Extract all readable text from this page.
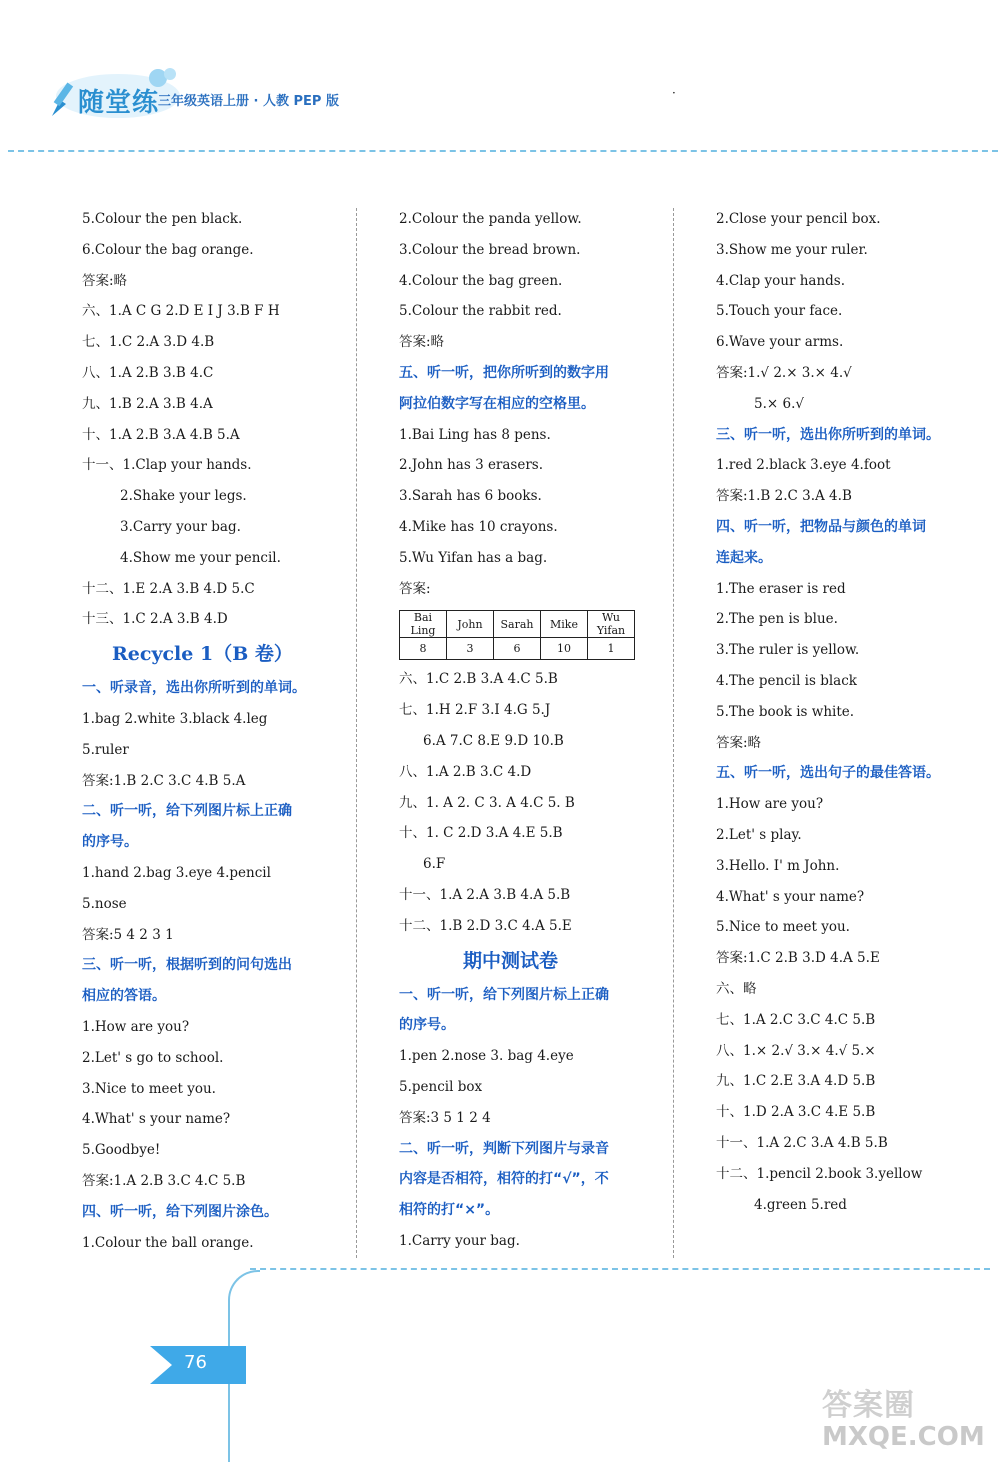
随堂练
三年级英语上册 · 人教 PEP 版
·
5.Colour the pen black.
6.Colour the bag orange.
答案:略
六、1.A C G 2.D E I J 3.B F H
七、1.C 2.A 3.D 4.B
八、1.A 2.B 3.B 4.C
九、1.B 2.A 3.B 4.A
十、1.A 2.B 3.A 4.B 5.A
十一、1.Clap your hands.
2.Shake your legs.
3.Carry your bag.
4.Show me your pencil.
十二、1.E 2.A 3.B 4.D 5.C
十三、1.C 2.A 3.B 4.D
Recycle 1（B 卷）
一、听录音，选出你所听到的单词。
1.bag 2.white 3.black 4.leg
5.ruler
答案:1.B 2.C 3.C 4.B 5.A
二、听一听，给下列图片标上正确
的序号。
1.hand 2.bag 3.eye 4.pencil
5.nose
答案:5 4 2 3 1
三、听一听，根据听到的问句选出
相应的答语。
1.How are you?
2.Let' s go to school.
3.Nice to meet you.
4.What' s your name?
5.Goodbye!
答案:1.A 2.B 3.C 4.C 5.B
四、听一听，给下列图片涂色。
1.Colour the ball orange.
2.Colour the panda yellow.
3.Colour the bread brown.
4.Colour the bag green.
5.Colour the rabbit red.
答案:略
五、听一听，把你所听到的数字用
阿拉伯数字写在相应的空格里。
1.Bai Ling has 8 pens.
2.John has 3 erasers.
3.Sarah has 6 books.
4.Mike has 10 crayons.
5.Wu Yifan has a bag.
答案:
Bai Ling	John	Sarah	Mike	Wu Yifan
8	3	6	10	1
六、1.C 2.B 3.A 4.C 5.B
七、1.H 2.F 3.I 4.G 5.J
6.A 7.C 8.E 9.D 10.B
八、1.A 2.B 3.C 4.D
九、1. A 2. C 3. A 4.C 5. B
十、1. C 2.D 3.A 4.E 5.B
6.F
十一、1.A 2.A 3.B 4.A 5.B
十二、1.B 2.D 3.C 4.A 5.E
期中测试卷
一、听一听，给下列图片标上正确
的序号。
1.pen 2.nose 3. bag 4.eye
5.pencil box
答案:3 5 1 2 4
二、听一听，判断下列图片与录音
内容是否相符，相符的打“√”，不
相符的打“×”。
1.Carry your bag.
2.Close your pencil box.
3.Show me your ruler.
4.Clap your hands.
5.Touch your face.
6.Wave your arms.
答案:1.√ 2.× 3.× 4.√
5.× 6.√
三、听一听，选出你所听到的单词。
1.red 2.black 3.eye 4.foot
答案:1.B 2.C 3.A 4.B
四、听一听，把物品与颜色的单词
连起来。
1.The eraser is red
2.The pen is blue.
3.The ruler is yellow.
4.The pencil is black
5.The book is white.
答案:略
五、听一听，选出句子的最佳答语。
1.How are you?
2.Let' s play.
3.Hello. I' m John.
4.What' s your name?
5.Nice to meet you.
答案:1.C 2.B 3.D 4.A 5.E
六、略
七、1.A 2.C 3.C 4.C 5.B
八、1.× 2.√ 3.× 4.√ 5.×
九、1.C 2.E 3.A 4.D 5.B
十、1.D 2.A 3.C 4.E 5.B
十一、1.A 2.C 3.A 4.B 5.B
十二、1.pencil 2.book 3.yellow
4.green 5.red
76
答案圈
MXQE.COM
